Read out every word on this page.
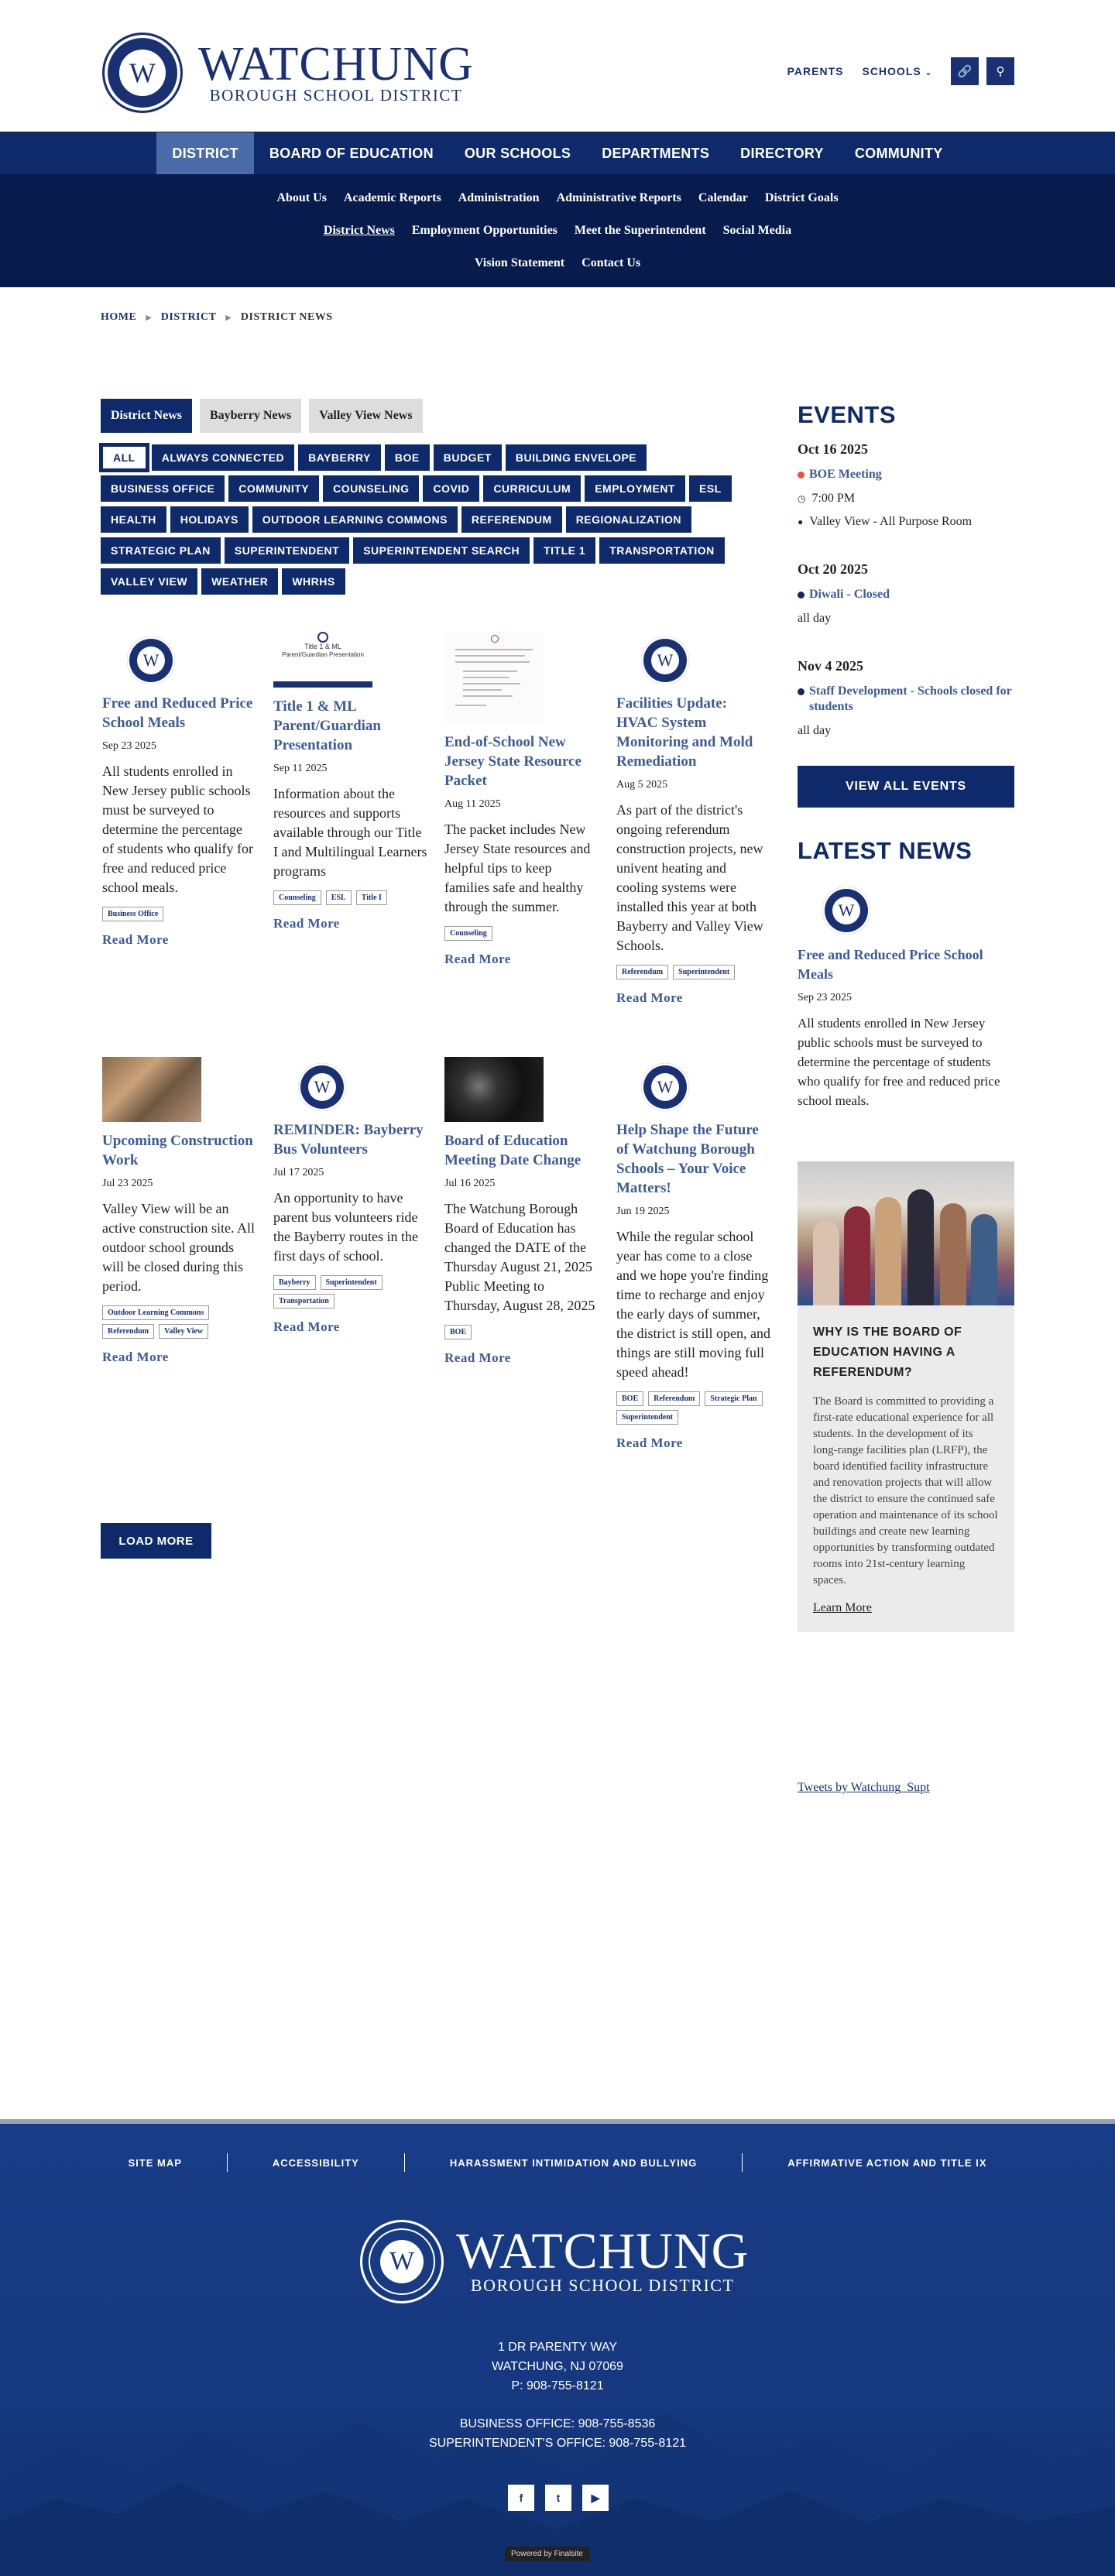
W WATCHUNG
BOROUGH SCHOOL DISTRICT
PARENTS SCHOOLS ⌄	🔗	⚲
DISTRICT	BOARD OF EDUCATION	OUR SCHOOLS	DEPARTMENTS	DIRECTORY	COMMUNITY
About Us	Academic Reports	Administration	Administrative Reports	Calendar	District Goals
District News	Employment Opportunities	Meet the Superintendent	Social Media
Vision Statement	Contact Us
HOME ▶ DISTRICT ▶ DISTRICT NEWS
District News	Bayberry News	Valley View News
ALL	ALWAYS CONNECTED	BAYBERRY	BOE	BUDGET	BUILDING ENVELOPE
BUSINESS OFFICE	COMMUNITY	COUNSELING	COVID	CURRICULUM	EMPLOYMENT	ESL
HEALTH	HOLIDAYS	OUTDOOR LEARNING COMMONS	REFERENDUM	REGIONALIZATION
STRATEGIC PLAN	SUPERINTENDENT	SUPERINTENDENT SEARCH	TITLE 1	TRANSPORTATION
VALLEY VIEW	WEATHER	WHRHS
W
Free and Reduced Price School Meals
Sep 23 2025

All students enrolled in New Jersey public schools must be surveyed to determine the percentage of students who qualify for free and reduced price school meals.

Business Office
Read More
Title 1 & ML
Parent/Guardian Presentation
Title 1 & ML Parent/Guardian Presentation
Sep 11 2025

Information about the resources and supports available through our Title I and Multilingual Learners programs

Counseling	ESL	Title I
Read More
End-of-School New Jersey State Resource Packet
Aug 11 2025

The packet includes New Jersey State resources and helpful tips to keep families safe and healthy through the summer.

Counseling
Read More
W
Facilities Update: HVAC System Monitoring and Mold Remediation
Aug 5 2025

As part of the district's ongoing referendum construction projects, new univent heating and cooling systems were installed this year at both Bayberry and Valley View Schools.

Referendum	Superintendent
Read More
Upcoming Construction Work
Jul 23 2025

Valley View will be an active construction site. All outdoor school grounds will be closed during this period.

Outdoor Learning Commons
Referendum	Valley View
Read More
W
REMINDER: Bayberry Bus Volunteers
Jul 17 2025

An opportunity to have parent bus volunteers ride the Bayberry routes in the first days of school.

Bayberry	Superintendent
Transportation
Read More
Board of Education Meeting Date Change
Jul 16 2025

The Watchung Borough Board of Education has changed the DATE of the Thursday August 21, 2025 Public Meeting to Thursday, August 28, 2025

BOE
Read More
W
Help Shape the Future of Watchung Borough Schools – Your Voice Matters!
Jun 19 2025

While the regular school year has come to a close and we hope you're finding time to recharge and enjoy the early days of summer, the district is still open, and things are still moving full speed ahead!

BOE	Referendum	Strategic Plan
Superintendent
Read More
LOAD MORE
EVENTS
Oct 16 2025
BOE Meeting
◷ 7:00 PM
● Valley View - All Purpose Room
Oct 20 2025
Diwali - Closed
all day
Nov 4 2025
Staff Development - Schools closed for students
all day
VIEW ALL EVENTS
LATEST NEWS
W
Free and Reduced Price School Meals
Sep 23 2025

All students enrolled in New Jersey public schools must be surveyed to determine the percentage of students who qualify for free and reduced price school meals.

WHY IS THE BOARD OF EDUCATION HAVING A REFERENDUM?

The Board is committed to providing a first-rate educational experience for all students. In the development of its long-range facilities plan (LRFP), the board identified facility infrastructure and renovation projects that will allow the district to ensure the continued safe operation and maintenance of its school buildings and create new learning opportunities by transforming outdated rooms into 21st-century learning spaces.

Learn More
Tweets by Watchung_Supt
SITE MAP	ACCESSIBILITY	HARASSMENT INTIMIDATION AND BULLYING	AFFIRMATIVE ACTION AND TITLE IX
W WATCHUNG
BOROUGH SCHOOL DISTRICT
1 DR PARENTY WAY
WATCHUNG, NJ 07069
P: 908-755-8121
BUSINESS OFFICE: 908-755-8536
SUPERINTENDENT'S OFFICE: 908-755-8121
f	t	▶
Powered by Finalsite
